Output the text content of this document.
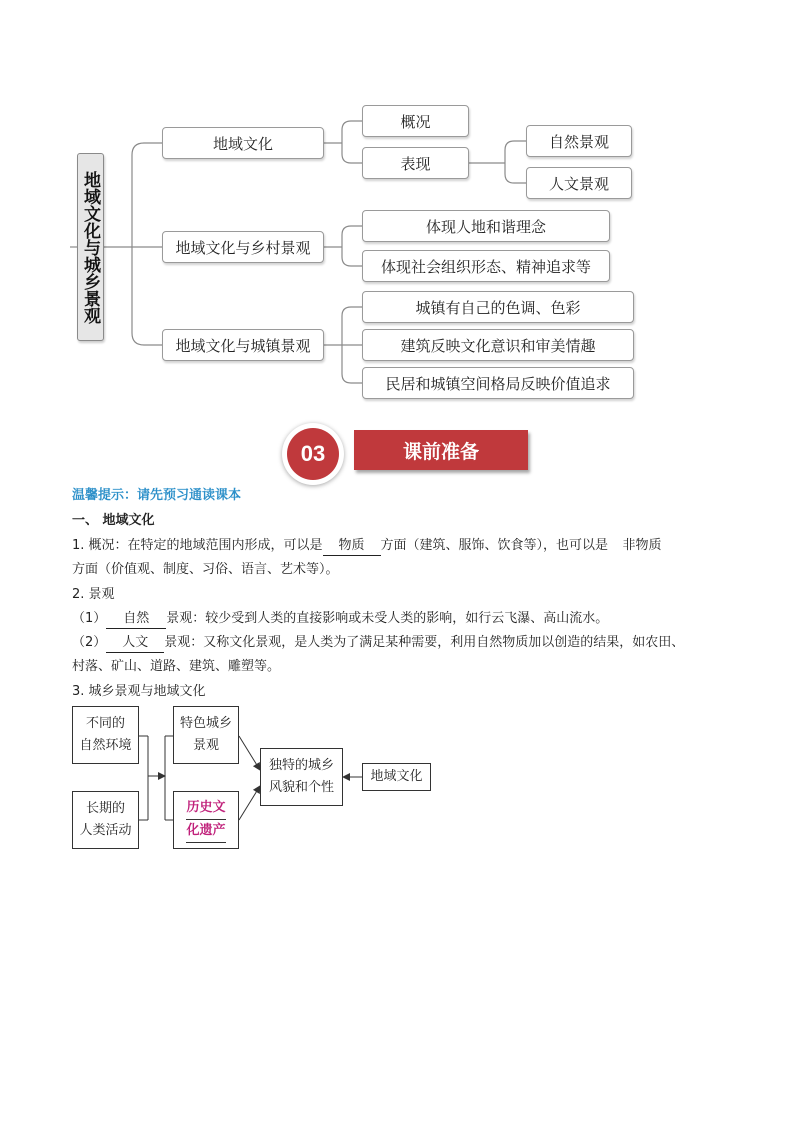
地域文化与城乡景观
地域文化
概况
表现
自然景观
人文景观
地域文化与乡村景观
体现人地和谐理念
体现社会组织形态、精神追求等
地域文化与城镇景观
城镇有自己的色调、色彩
建筑反映文化意识和审美情趣
民居和城镇空间格局反映价值追求
课前准备
03
温馨提示：请先预习通读课本
一、 地域文化
1. 概况：在特定的地域范围内形成，可以是 物质 方面（建筑、服饰、饮食等），也可以是 非物质
方面（价值观、制度、习俗、语言、艺术等）。
2. 景观
（1） 自然 景观：较少受到人类的直接影响或未受人类的影响，如行云飞瀑、高山流水。
（2） 人文 景观：又称文化景观，是人类为了满足某种需要，利用自然物质加以创造的结果，如农田、
村落、矿山、道路、建筑、雕塑等。
3. 城乡景观与地域文化
不同的
自然环境
长期的
人类活动
特色城乡
景观
历史文
化遗产
独特的城乡
风貌和个性
地域文化
